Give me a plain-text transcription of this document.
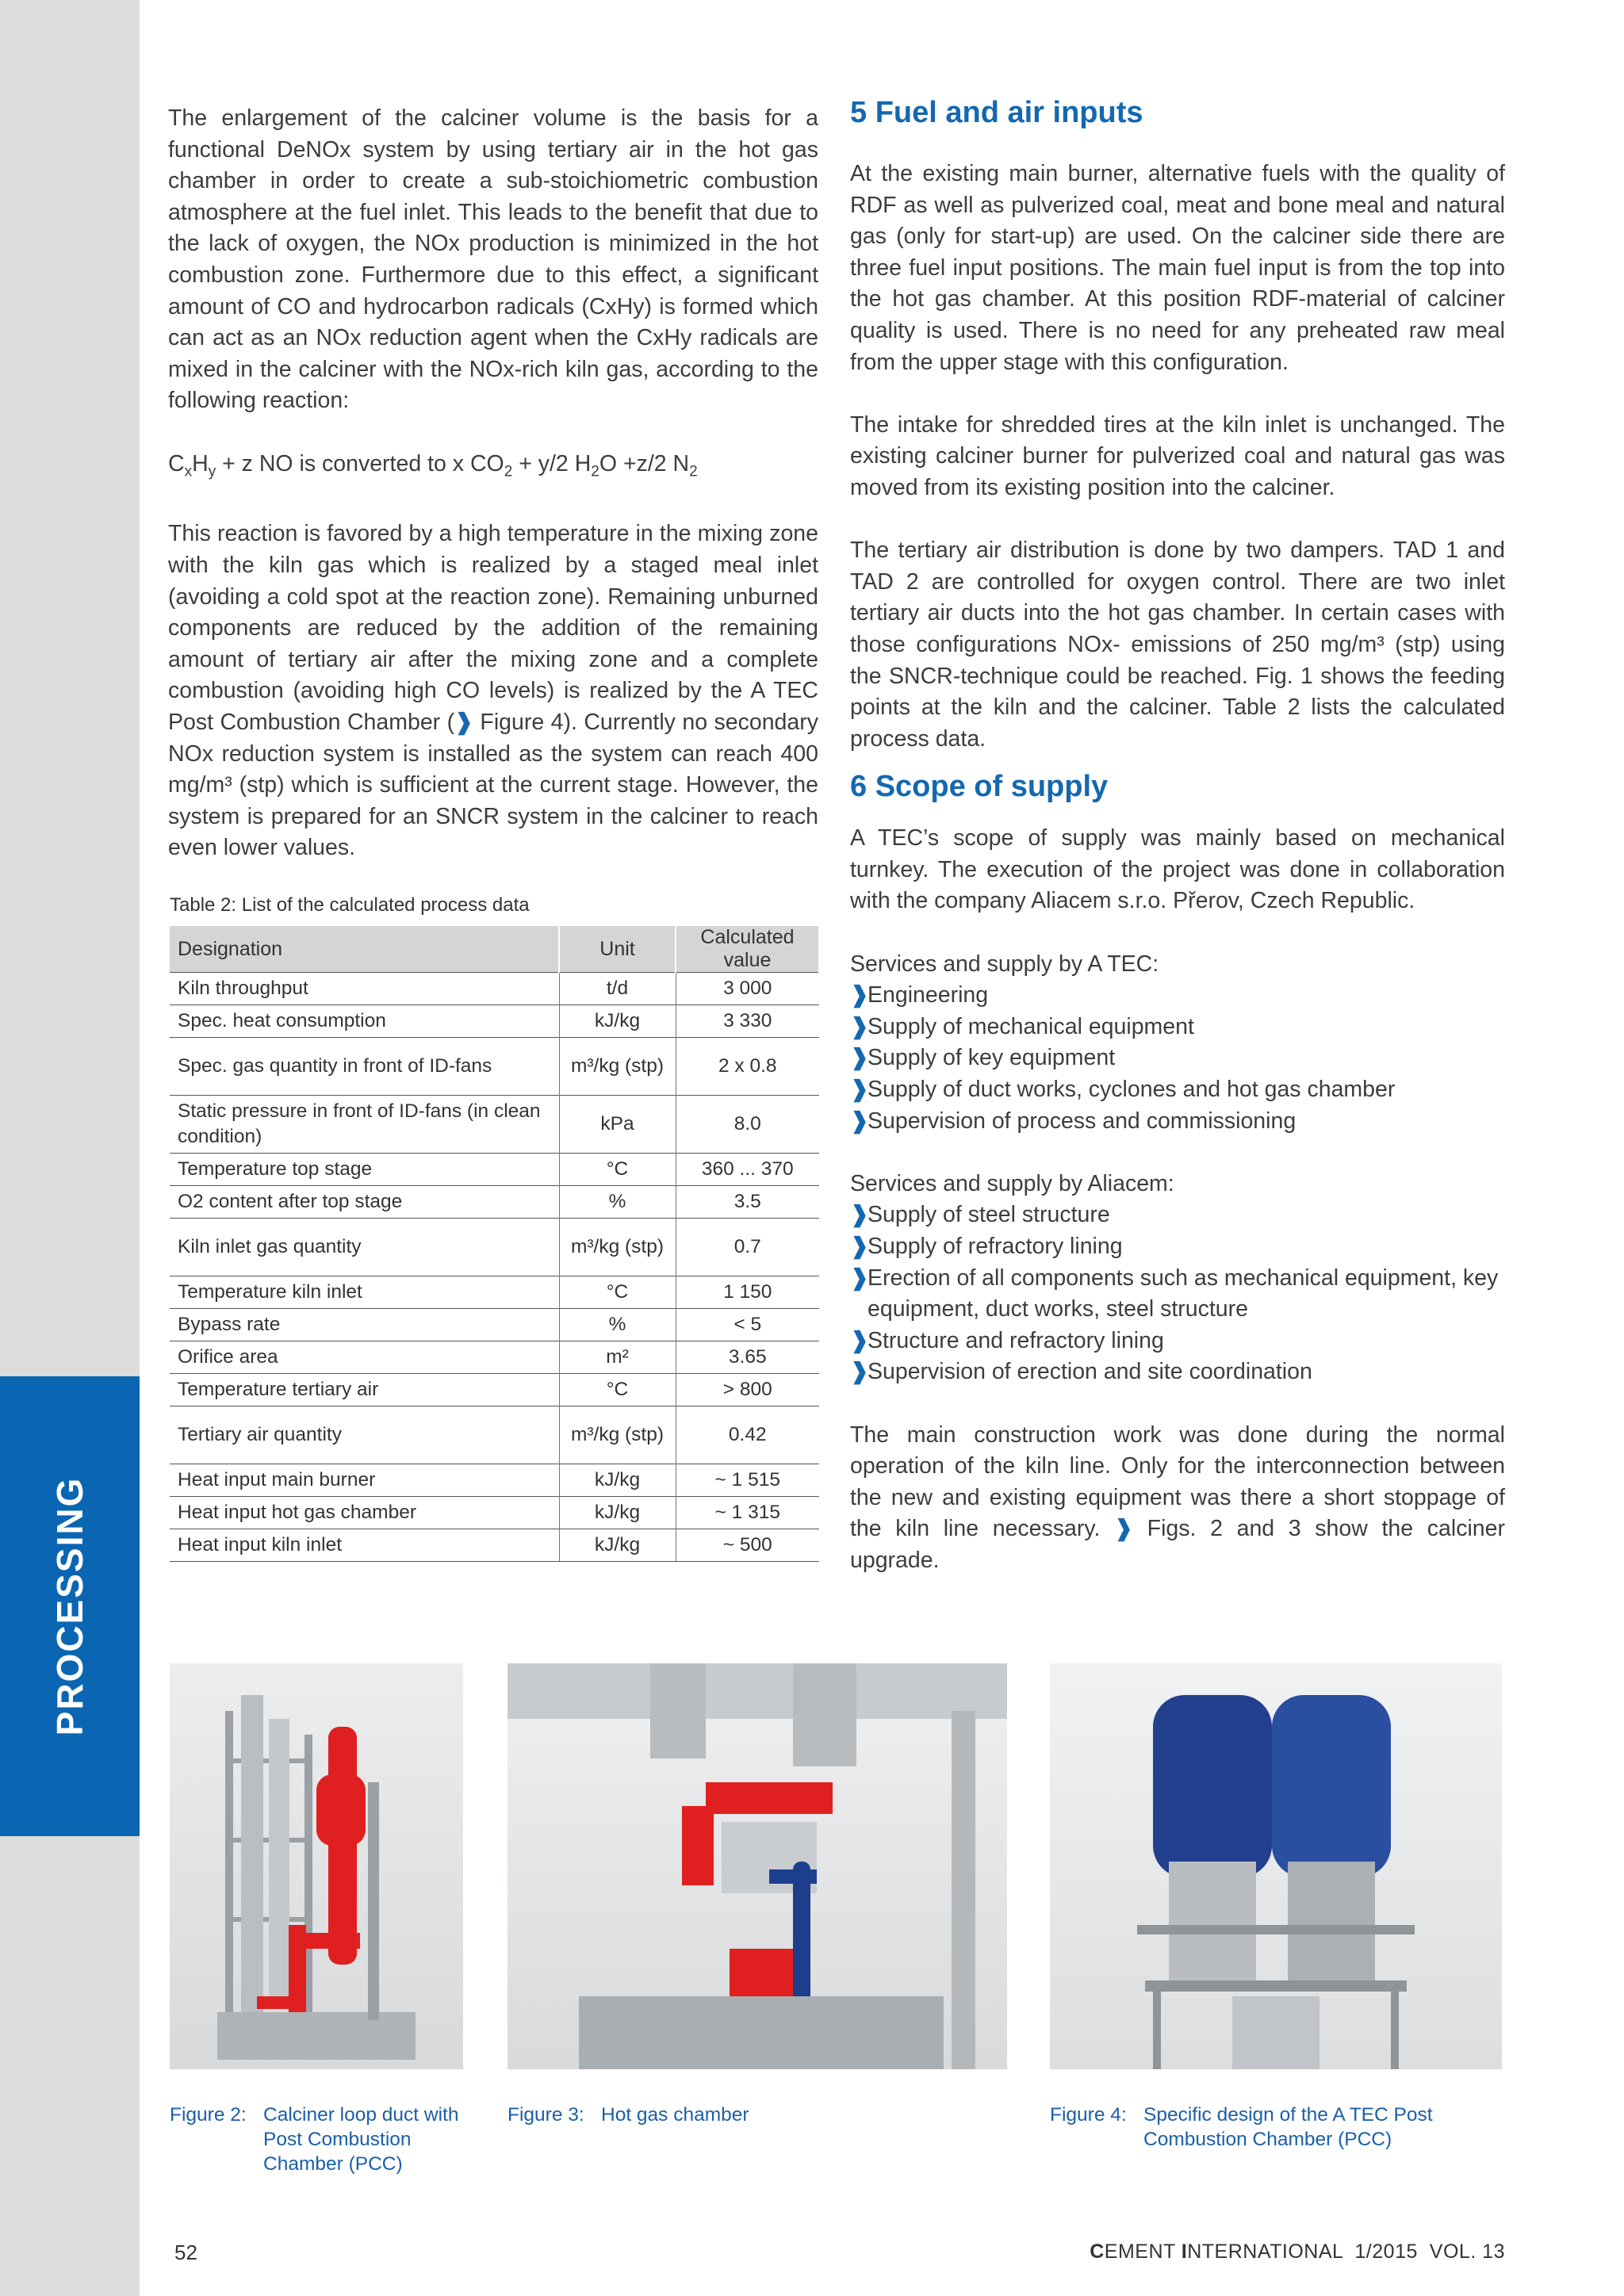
PROCESSING

The enlargement of the calciner volume is the basis for a functional DeNOx system by using tertiary air in the hot gas chamber in order to create a sub-stoichiometric combustion atmosphere at the fuel inlet. This leads to the benefit that due to the lack of oxygen, the NOx production is minimized in the hot combustion zone. Furthermore due to this effect, a significant amount of CO and hydrocarbon radicals (CxHy) is formed which can act as an NOx reduction agent when the CxHy radicals are mixed in the calciner with the NOx-rich kiln gas, according to the following reaction:

$C_xH_y + z$ NO is converted to x $CO_2 + y/2$ $H_2O +z/2$ $N_2$

This reaction is favored by a high temperature in the mixing zone with the kiln gas which is realized by a staged meal inlet (avoiding a cold spot at the reaction zone). Remaining unburned components are reduced by the addition of the remaining amount of tertiary air after the mixing zone and a complete combustion (avoiding high CO levels) is realized by the A TEC Post Combustion Chamber (❱ Figure 4). Currently no secondary NOx reduction system is installed as the system can reach 400 mg/m³ (stp) which is sufficient at the current stage. However, the system is prepared for an SNCR system in the calciner to reach even lower values.

Table 2: List of the calculated process data
Designation	Unit	Calculated value
Kiln throughput	t/d	3 000
Spec. heat consumption	kJ/kg	3 330
Spec. gas quantity in front of ID-fans	m³/kg (stp)	2 x 0.8
Static pressure in front of ID-fans (in clean condition)	kPa	8.0
Temperature top stage	°C	360 ... 370
O2 content after top stage	%	3.5
Kiln inlet gas quantity	m³/kg (stp)	0.7
Temperature kiln inlet	°C	1 150
Bypass rate	%	< 5
Orifice area	m²	3.65
Temperature tertiary air	°C	> 800
Tertiary air quantity	m³/kg (stp)	0.42
Heat input main burner	kJ/kg	~ 1 515
Heat input hot gas chamber	kJ/kg	~ 1 315
Heat input kiln inlet	kJ/kg	~ 500
5 Fuel and air inputs

At the existing main burner, alternative fuels with the quality of RDF as well as pulverized coal, meat and bone meal and natural gas (only for start-up) are used. On the calciner side there are three fuel input positions. The main fuel input is from the top into the hot gas chamber. At this position RDF-material of calciner quality is used. There is no need for any preheated raw meal from the upper stage with this configuration.

The intake for shredded tires at the kiln inlet is unchanged. The existing calciner burner for pulverized coal and natural gas was moved from its existing position into the calciner.

The tertiary air distribution is done by two dampers. TAD 1 and TAD 2 are controlled for oxygen control. There are two inlet tertiary air ducts into the hot gas chamber. In certain cases with those configurations NOx- emissions of 250 mg/m³ (stp) using the SNCR-technique could be reached. Fig. 1 shows the feeding points at the kiln and the calciner. Table 2 lists the calculated process data.

6 Scope of supply

A TEC’s scope of supply was mainly based on mechanical turnkey. The execution of the project was done in collaboration with the company Aliacem s.r.o. Přerov, Czech Republic.

Services and supply by A TEC:

❱
Engineering
❱
Supply of mechanical equipment
❱
Supply of key equipment
❱
Supply of duct works, cyclones and hot gas chamber
❱
Supervision of process and commissioning

Services and supply by Aliacem:

❱
Supply of steel structure
❱
Supply of refractory lining
❱
Erection of all components such as mechanical equipment, key equipment, duct works, steel structure
❱
Structure and refractory lining
❱
Supervision of erection and site coordination

The main construction work was done during the normal operation of the kiln line. Only for the interconnection between the new and existing equipment was there a short stoppage of the kiln line necessary. ❱ Figs. 2 and 3 show the calciner upgrade.

Figure 2: Calciner loop duct with Post Combustion Chamber (PCC)
Figure 3: Hot gas chamber	Figure 4: Specific design of the A TEC Post Combustion Chamber (PCC)
52	CEMENT INTERNATIONAL  1/2015  VOL. 13
